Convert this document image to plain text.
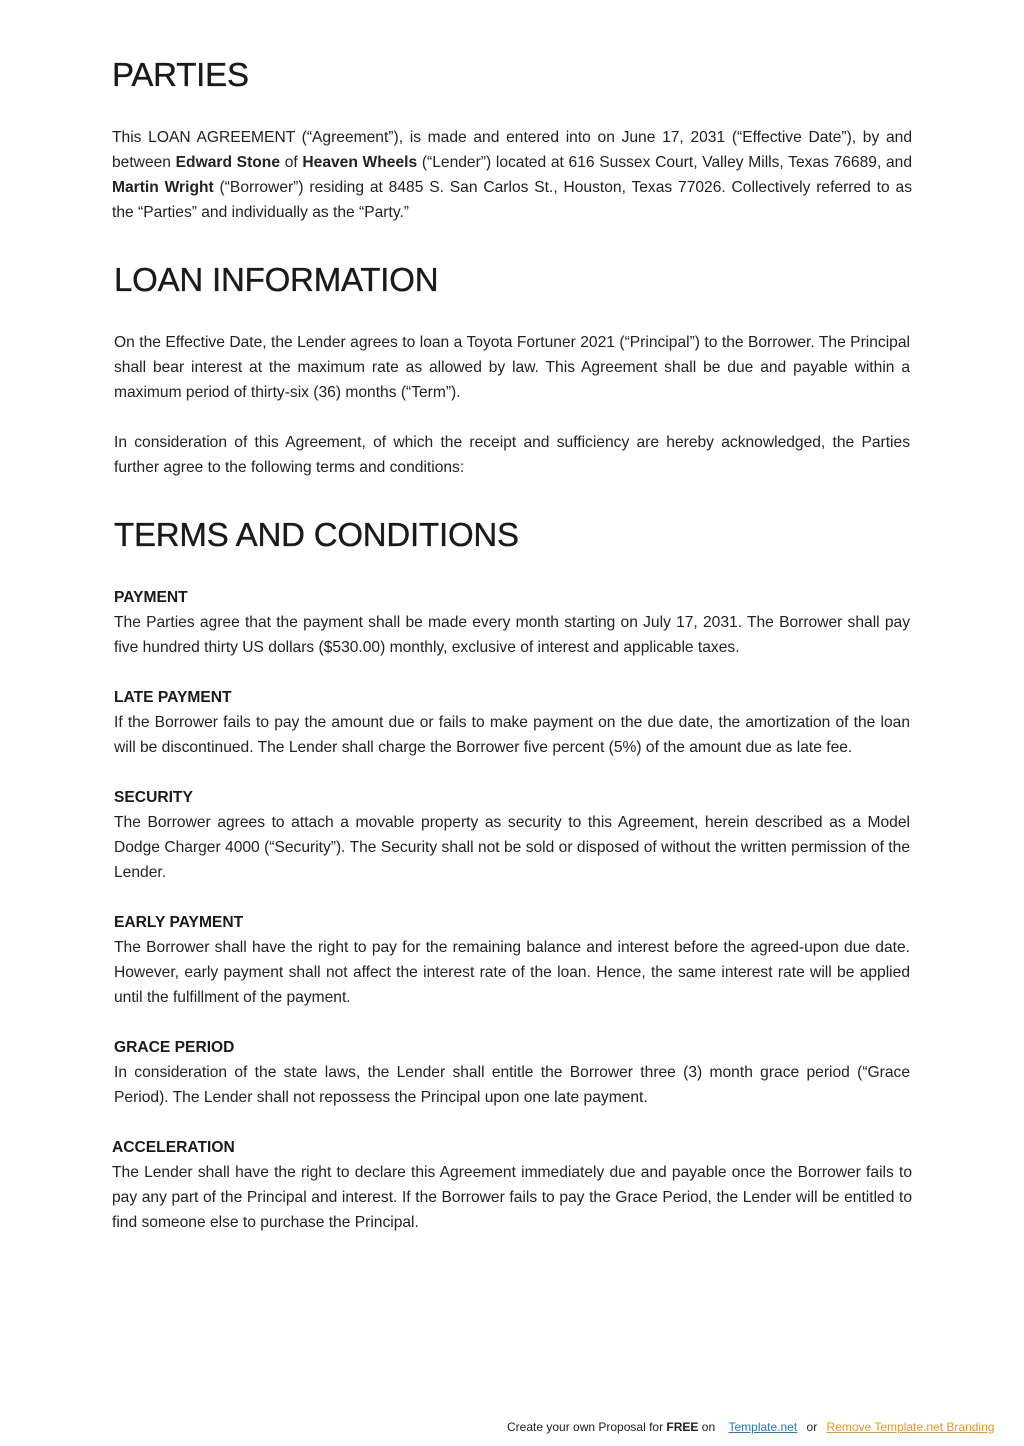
PARTIES

This LOAN AGREEMENT (“Agreement”), is made and entered into on June 17, 2031 (“Effective Date”), by and between Edward Stone of Heaven Wheels (“Lender”) located at 616 Sussex Court, Valley Mills, Texas 76689, and Martin Wright (“Borrower”) residing at 8485 S. San Carlos St., Houston, Texas 77026. Collectively referred to as the “Parties” and individually as the “Party.”

LOAN INFORMATION

On the Effective Date, the Lender agrees to loan a Toyota Fortuner 2021 (“Principal”) to the Borrower. The Principal shall bear interest at the maximum rate as allowed by law. This Agreement shall be due and payable within a maximum period of thirty-six (36) months (“Term”).

In consideration of this Agreement, of which the receipt and sufficiency are hereby acknowledged, the Parties further agree to the following terms and conditions:

TERMS AND CONDITIONS

PAYMENT

The Parties agree that the payment shall be made every month starting on July 17, 2031. The Borrower shall pay five hundred thirty US dollars ($530.00) monthly, exclusive of interest and applicable taxes.

LATE PAYMENT

If the Borrower fails to pay the amount due or fails to make payment on the due date, the amortization of the loan will be discontinued. The Lender shall charge the Borrower five percent (5%) of the amount due as late fee.

SECURITY

The Borrower agrees to attach a movable property as security to this Agreement, herein described as a Model Dodge Charger 4000 (“Security”). The Security shall not be sold or disposed of without the written permission of the Lender.

EARLY PAYMENT

The Borrower shall have the right to pay for the remaining balance and interest before the agreed-upon due date. However, early payment shall not affect the interest rate of the loan. Hence, the same interest rate will be applied until the fulfillment of the payment.

GRACE PERIOD

In consideration of the state laws, the Lender shall entitle the Borrower three (3) month grace period (“Grace Period). The Lender shall not repossess the Principal upon one late payment.

ACCELERATION

The Lender shall have the right to declare this Agreement immediately due and payable once the Borrower fails to pay any part of the Principal and interest. If the Borrower fails to pay the Grace Period, the Lender will be entitled to find someone else to purchase the Principal.

Create your own Proposal for FREE on Template.net or Remove Template.net Branding
